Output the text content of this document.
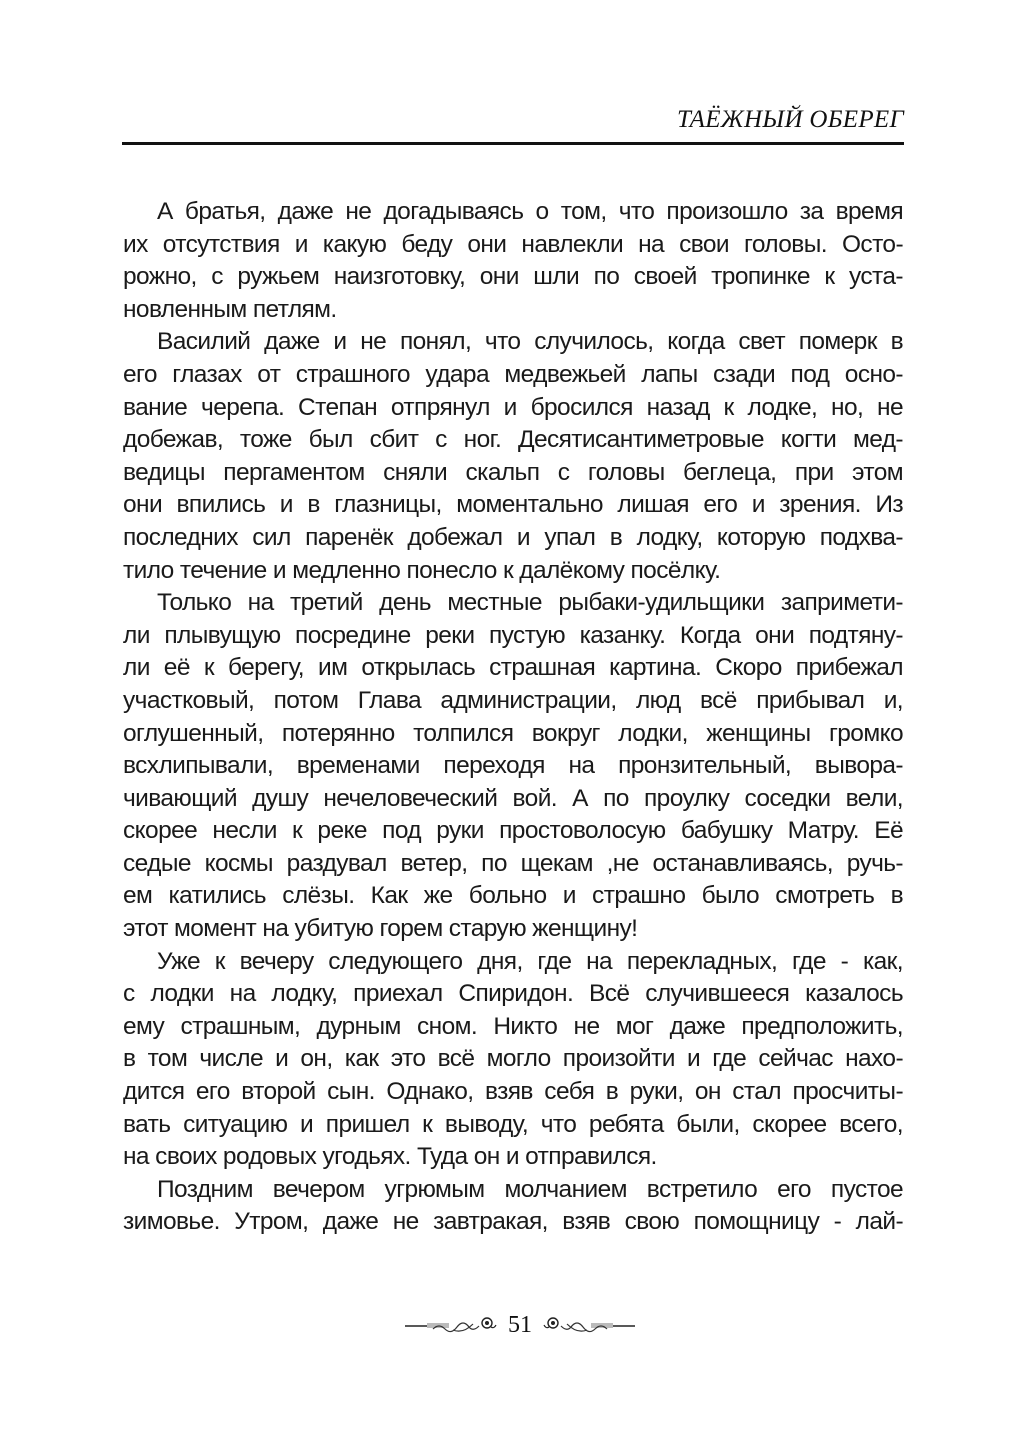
ТАЁЖНЫЙ ОБЕРЕГ
А братья, даже не догадываясь о том, что произошло за время
их отсутствия и какую беду они навлекли на свои головы. Осто-
рожно, с ружьем наизготовку, они шли по своей тропинке к уста-
новленным петлям.
Василий даже и не понял, что случилось, когда свет померк в
его глазах от страшного удара медвежьей лапы сзади под осно-
вание черепа. Степан отпрянул и бросился назад к лодке, но, не
добежав, тоже был сбит с ног. Десятисантиметровые когти мед-
ведицы пергаментом сняли скальп с головы беглеца, при этом
они впились и в глазницы, моментально лишая его и зрения. Из
последних сил паренёк добежал и упал в лодку, которую подхва-
тило течение и медленно понесло к далёкому посёлку.
Только на третий день местные рыбаки-удильщики запримети-
ли плывущую посредине реки пустую казанку. Когда они подтяну-
ли её к берегу, им открылась страшная картина. Скоро прибежал
участковый, потом Глава администрации, люд всё прибывал и,
оглушенный, потерянно толпился вокруг лодки, женщины громко
всхлипывали, временами переходя на пронзительный, вывора-
чивающий душу нечеловеческий вой. А по проулку соседки вели,
скорее несли к реке под руки простоволосую бабушку Матру. Её
седые космы раздувал ветер, по щекам ,не останавливаясь, ручь-
ем катились слёзы. Как же больно и страшно было смотреть в
этот момент на убитую горем старую женщину!
Уже к вечеру следующего дня, где на перекладных, где - как,
с лодки на лодку, приехал Спиридон. Всё случившееся казалось
ему страшным, дурным сном. Никто не мог даже предположить,
в том числе и он, как это всё могло произойти и где сейчас нахо-
дится его второй сын. Однако, взяв себя в руки, он стал просчиты-
вать ситуацию и пришел к выводу, что ребята были, скорее всего,
на своих родовых угодьях. Туда он и отправился.
Поздним вечером угрюмым молчанием встретило его пустое
зимовье. Утром, даже не завтракая, взяв свою помощницу - лай-
51
